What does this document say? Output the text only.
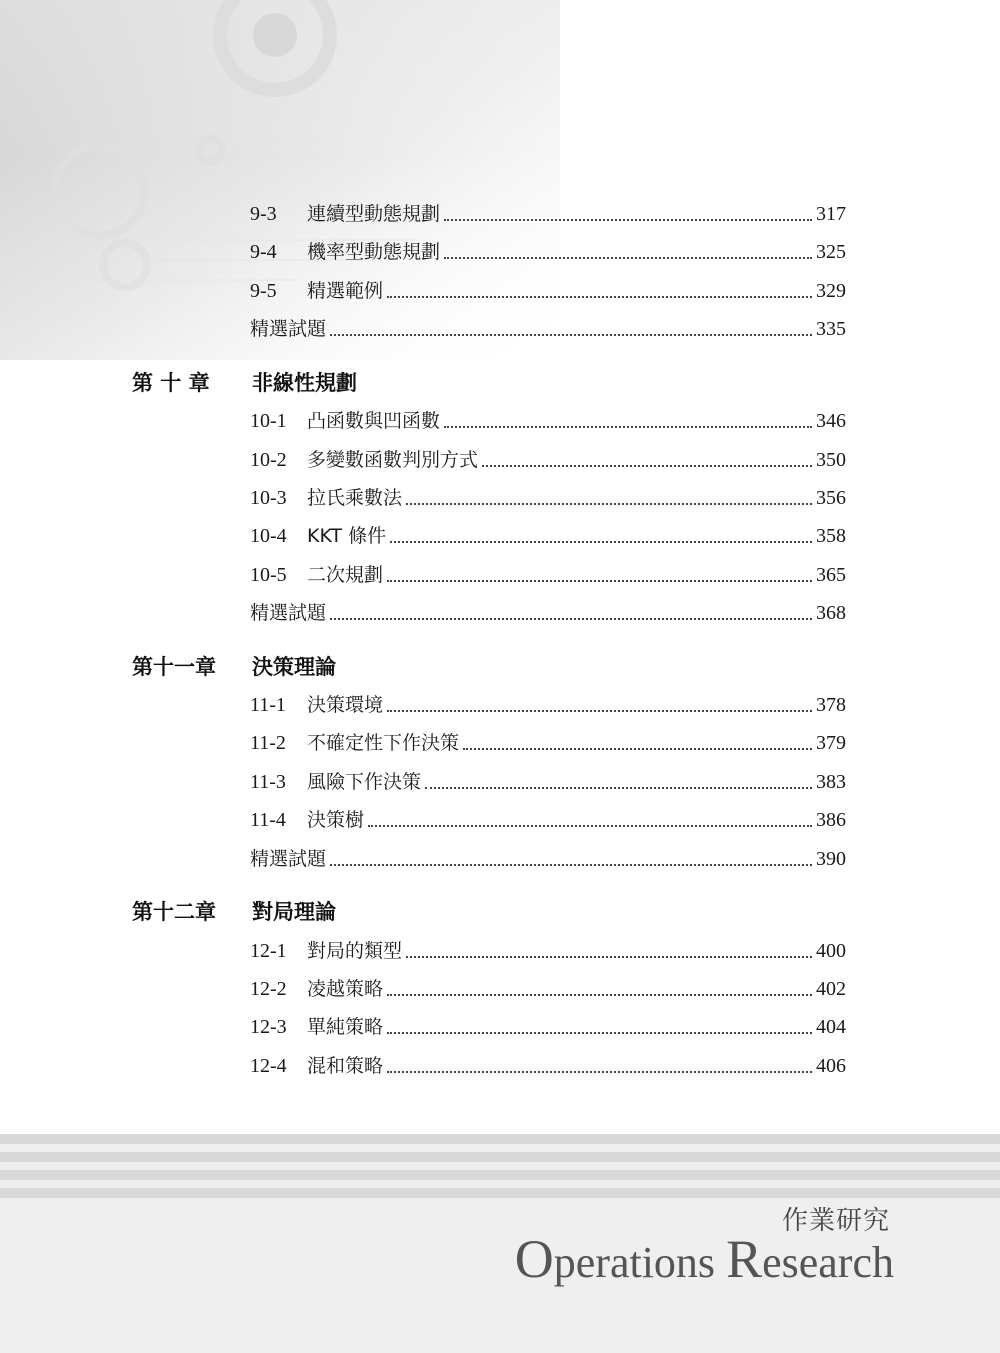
9-3	連續型動態規劃	317
9-4	機率型動態規劃	325
9-5	精選範例	329
精選試題	335
第 十 章	非線性規劃
10-1	凸函數與凹函數	346
10-2	多變數函數判別方式	350
10-3	拉氏乘數法	356
10-4	KKT 條件	358
10-5	二次規劃	365
精選試題	368
第十一章	決策理論
11-1	決策環境	378
11-2	不確定性下作決策	379
11-3	風險下作決策	383
11-4	決策樹	386
精選試題	390
第十二章	對局理論
12-1	對局的類型	400
12-2	凌越策略	402
12-3	單純策略	404
12-4	混和策略	406
作業研究
Operations Research
